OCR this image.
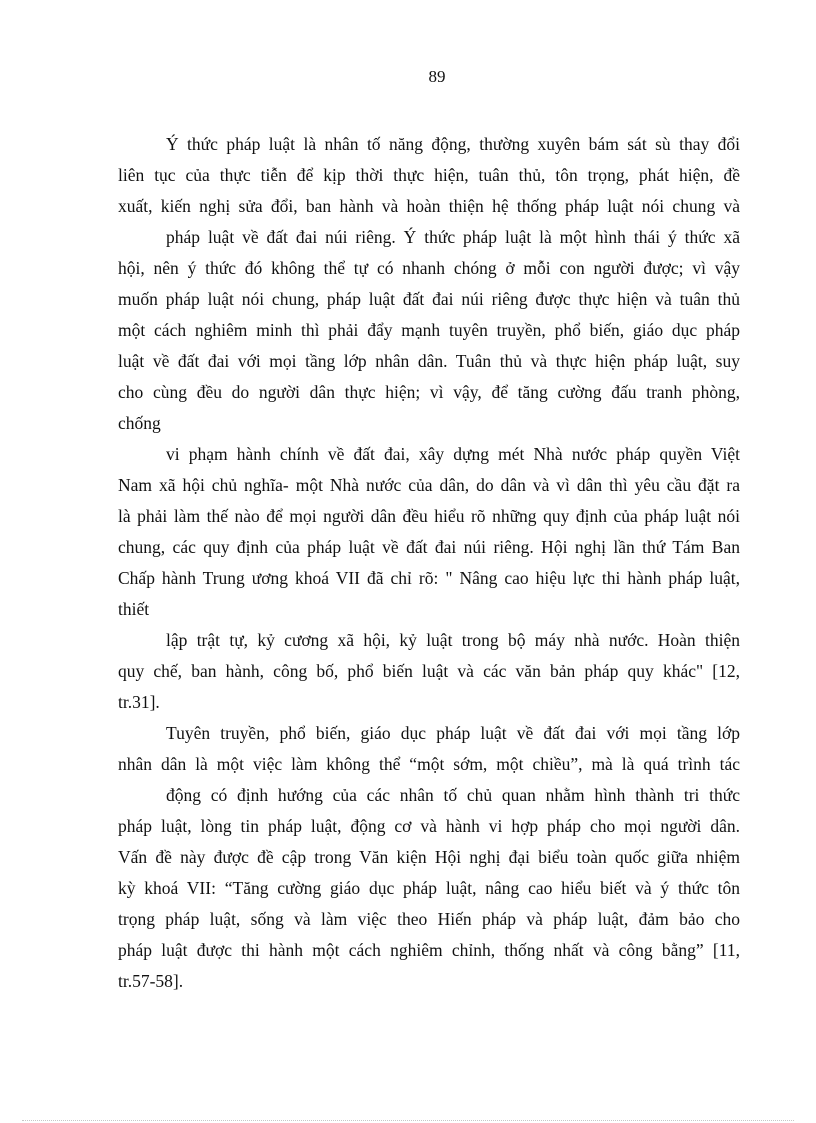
89
Ý thức pháp luật là nhân tố năng động, thường xuyên bám sát sù thay đổi
liên tục của thực tiễn để kịp thời thực hiện, tuân thủ, tôn trọng, phát hiện, đề
xuất, kiến nghị sửa đổi, ban hành và hoàn thiện hệ thống pháp luật nói chung và
pháp luật về đất đai núi riêng. Ý thức pháp luật là một hình thái ý thức xã
hội, nên ý thức đó không thể tự có nhanh chóng ở mỗi con người được; vì vậy
muốn pháp luật nói chung, pháp luật đất đai núi riêng được thực hiện và tuân thủ
một cách nghiêm minh thì phải đẩy mạnh tuyên truyền, phổ biến, giáo dục pháp
luật về đất đai với mọi tầng lớp nhân dân. Tuân thủ và thực hiện pháp luật, suy
cho cùng đều do người dân thực hiện; vì vậy, để tăng cường đấu tranh phòng,
chống
vi phạm hành chính về đất đai, xây dựng mét Nhà nước pháp quyền Việt
Nam xã hội chủ nghĩa- một Nhà nước của dân, do dân và vì dân thì yêu cầu đặt ra
là phải làm thế nào để mọi người dân đều hiểu rõ những quy định của pháp luật nói
chung, các quy định của pháp luật về đất đai núi riêng. Hội nghị lần thứ Tám Ban
Chấp hành Trung ương khoá VII đã chỉ rõ: " Nâng cao hiệu lực thi hành pháp luật,
thiết
lập trật tự, kỷ cương xã hội, kỷ luật trong bộ máy nhà nước. Hoàn thiện
quy chế, ban hành, công bố, phổ biến luật và các văn bản pháp quy khác" [12,
tr.31].
Tuyên truyền, phổ biến, giáo dục pháp luật về đất đai với mọi tầng lớp
nhân dân là một việc làm không thể “một sớm, một chiều”, mà là quá trình tác
động có định hướng của các nhân tố chủ quan nhằm hình thành tri thức
pháp luật, lòng tin pháp luật, động cơ và hành vi hợp pháp cho mọi người dân.
Vấn đề này được đề cập trong Văn kiện Hội nghị đại biểu toàn quốc giữa nhiệm
kỳ khoá VII: “Tăng cường giáo dục pháp luật, nâng cao hiểu biết và ý thức tôn
trọng pháp luật, sống và làm việc theo Hiến pháp và pháp luật, đảm bảo cho
pháp luật được thi hành một cách nghiêm chỉnh, thống nhất và công bằng” [11,
tr.57-58].
